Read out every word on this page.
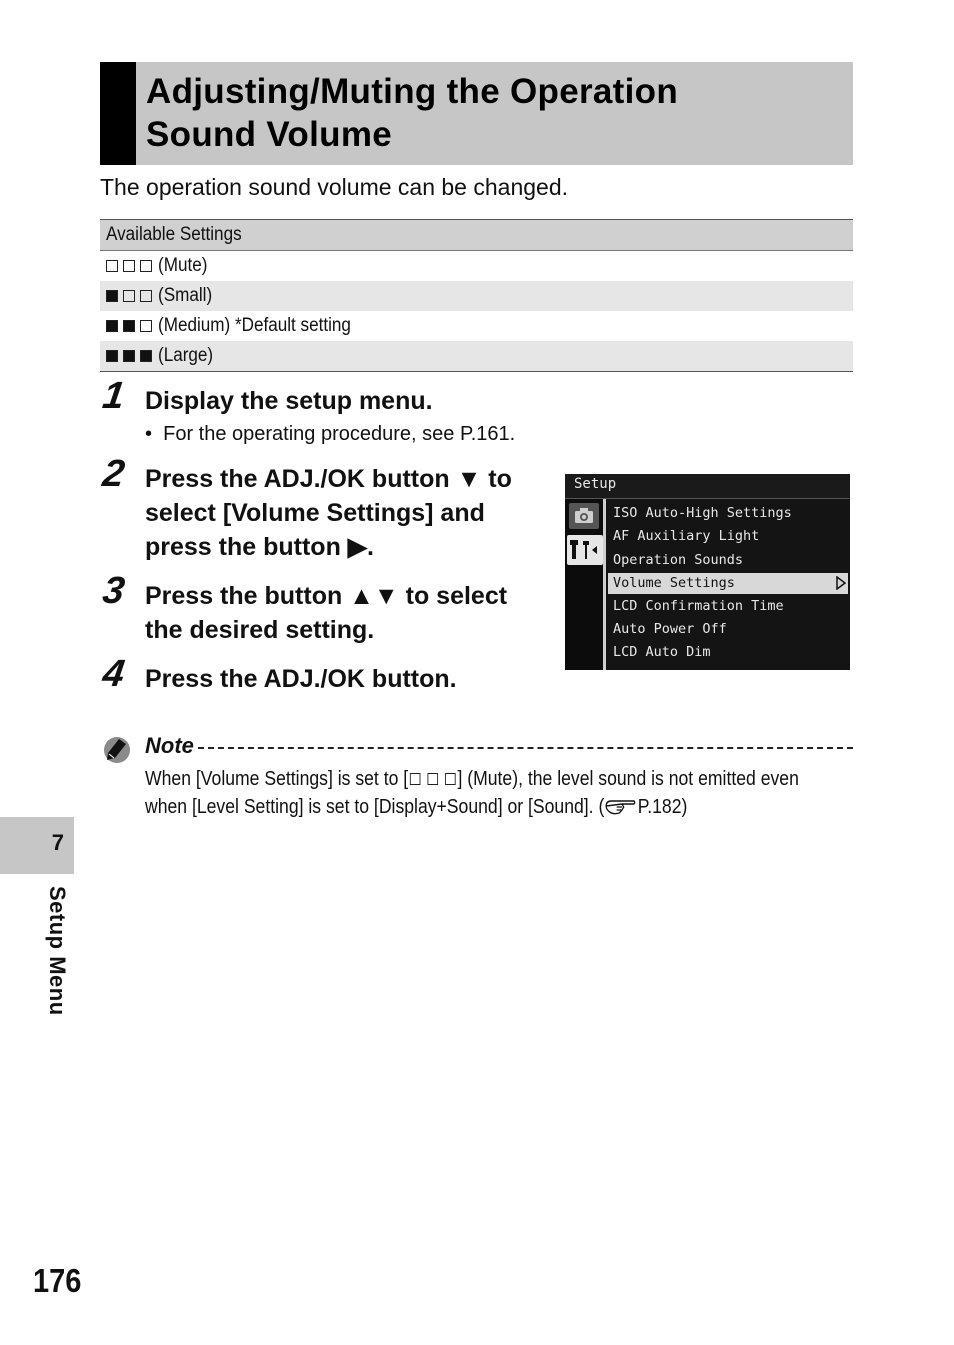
Adjusting/Muting the Operation
Sound Volume
The operation sound volume can be changed.
Available Settings
(Mute)
(Small)
(Medium) *Default setting
(Large)
1 Display the setup menu.
•  For the operating procedure, see P.161.
2 Press the ADJ./OK button ▼ to
select [Volume Settings] and
press the button ▶.
3 Press the button ▲▼ to select
the desired setting.
4 Press the ADJ./OK button.
Setup
ISO Auto-High Settings
AF Auxiliary Light
Operation Sounds
Volume Settings
LCD Confirmation Time
Auto Power Off
LCD Auto Dim
Note
When [Volume Settings] is set to [ ] (Mute), the level sound is not emitted even
when [Level Setting] is set to [Display+Sound] or [Sound]. ( P.182)
7
Setup Menu
176
